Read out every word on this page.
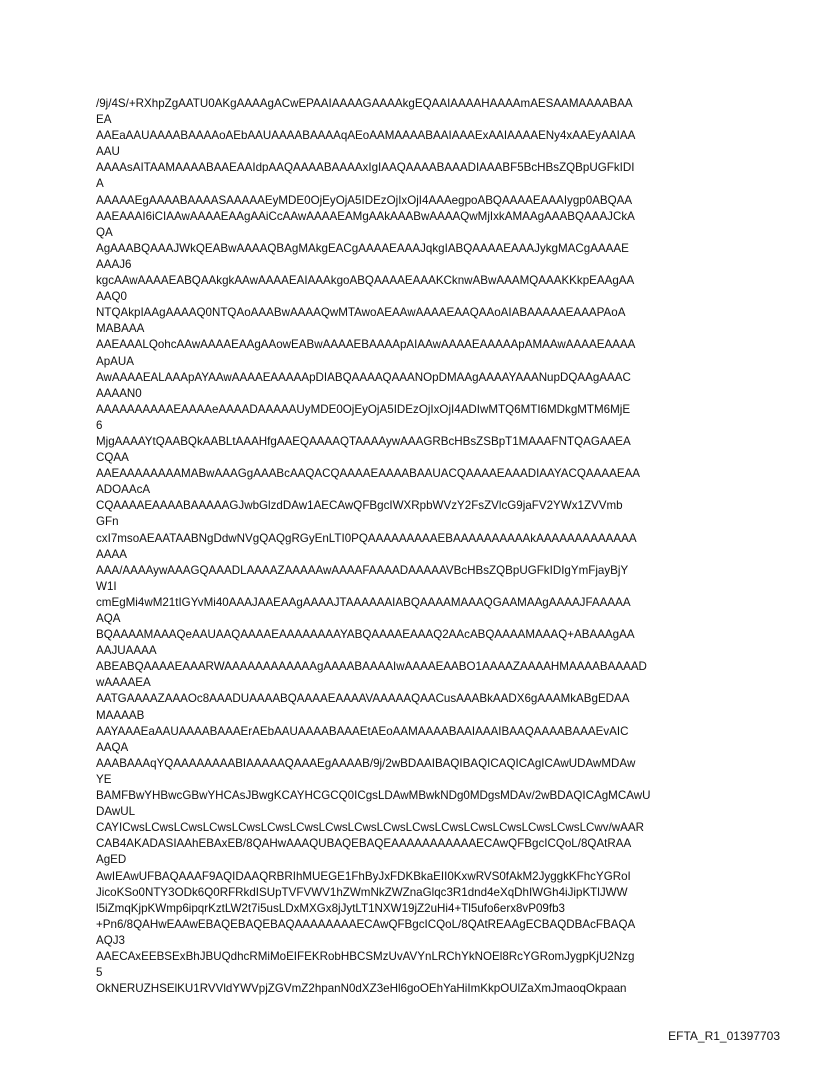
/9j/4S/+RXhpZgAATU0AKgAAAAgACwEPAAIAAAAGAAAAkgEQAAIAAAAHAAAAmAESAAMAAAABAA
EA
AAEaAAUAAAABAAAAoAEbAAUAAAABAAAAqAEoAAMAAAABAAIAAAExAAIAAAAENy4xAAEyAAIAA
AAU
AAAAsAITAAMAAAABAAEAAIdpAAQAAAABAAAAxIgIAAQAAAABAAADIAAABF5BcHBsZQBpUGFkIDI
A
AAAAAEgAAAABAAAASAAAAAEyMDE0OjEyOjA5IDEzOjIxOjI4AAAegpoABQAAAAEAAAIygp0ABQAA
AAEAAAI6iCIAAwAAAAEAAgAAiCcAAwAAAAEAMgAAkAAABwAAAAQwMjIxkAMAAgAAABQAAAJCkA
QA
AgAAABQAAAJWkQEABwAAAAQBAgMAkgEACgAAAAEAAAJqkgIABQAAAAEAAAJykgMACgAAAAE
AAAJ6
kgcAAwAAAAEABQAAkgkAAwAAAAEAIAAAkgoABQAAAAEAAAKCknwABwAAAMQAAAKKkpEAAgAA
AAQ0
NTQAkpIAAgAAAAQ0NTQAoAAABwAAAAQwMTAwoAEAAwAAAAEAAQAAoAIABAAAAAEAAAPAoA
MABAAA
AAEAAALQohcAAwAAAAEAAgAAowEABwAAAAEBAAAApAIAAwAAAAEAAAAApAMAAwAAAAEAAAA
ApAUA
AwAAAAEALAAApAYAAwAAAAEAAAAApDIABQAAAAQAAANOpDMAAgAAAAYAAANupDQAAgAAAC
AAAAN0
AAAAAAAAAAEAAAAeAAAADAAAAAUyMDE0OjEyOjA5IDEzOjIxOjI4ADIwMTQ6MTI6MDkgMTM6MjE
6
MjgAAAAYtQAABQkAABLtAAAHfgAAEQAAAAQTAAAAywAAAGRBcHBsZSBpT1MAAAFNTQAGAAEA
CQAA
AAEAAAAAAAAMABwAAAGgAAABcAAQACQAAAAEAAAABAAUACQAAAAEAAADIAAYACQAAAAEAA
ADOAAcA
CQAAAAEAAAABAAAAAGJwbGlzdDAw1AECAwQFBgcIWXRpbWVzY2FsZVlcG9jaFV2YWx1ZVVmb
GFn
cxI7msoAEAATAABNgDdwNVgQAQgRGyEnLTI0PQAAAAAAAAAEBAAAAAAAAAAkAAAAAAAAAAAAA
AAAA
AAA/AAAAywAAAGQAAADLAAAAZAAAAAwAAAAFAAAADAAAAAVBcHBsZQBpUGFkIDIgYmFjayBjY
W1I
cmEgMi4wM21tIGYvMi40AAAJAAEAAgAAAAJTAAAAAAIABQAAAAMAAAQGAAMAAgAAAAJFAAAAA
AQA
BQAAAAMAAAQeAAUAAQAAAAEAAAAAAAAYABQAAAAEAAAQ2AAcABQAAAAMAAAQ+ABAAAgAA
AAJUAAAA
ABEABQAAAAEAAARWAAAAAAAAAAAAgAAAABAAAAIwAAAAEAABO1AAAAZAAAAHMAAAABAAAAD
wAAAAEA
AATGAAAAZAAAOc8AAADUAAAABQAAAAEAAAAVAAAAAQAACusAAABkAADX6gAAAMkABgEDAA
MAAAAB
AAYAAAEaAAUAAAABAAAErAEbAAUAAAABAAAEtAEoAAMAAAABAAIAAAIBAAQAAAABAAAEvAIC
AAQA
AAABAAAqYQAAAAAAAABIAAAAAQAAAEgAAAAB/9j/2wBDAAIBAQIBAQICAQICAgICAwUDAwMDAw
YE
BAMFBwYHBwcGBwYHCAsJBwgKCAYHCGCQ0ICgsLDAwMBwkNDg0MDgsMDAv/2wBDAQICAgMCAwU
DAwUL
CAYICwsLCwsLCwsLCwsLCwsLCwsLCwsLCwsLCwsLCwsLCwsLCwsLCwsLCwsLCwsLCwsLCwv/wAAR
CAB4AKADASIAAhEBAxEB/8QAHwAAAQUBAQEBAQEAAAAAAAAAAAECAwQFBgcICQoL/8QAtRAA
AgED
AwIEAwUFBAQAAAF9AQIDAAQRBRIhMUEGE1FhByJxFDKBkaEII0KxwRVS0fAkM2JyggkKFhcYGRoI
JicoKSo0NTY3ODk6Q0RFRkdISUpTVFVWV1hZWmNkZWZnaGlqc3R1dnd4eXqDhIWGh4iJipKTlJWW
l5iZmqKjpKWmp6ipqrKztLW2t7i5usLDxMXGx8jJytLT1NXW19jZ2uHi4+Tl5ufo6erx8vP09fb3
+Pn6/8QAHwEAAwEBAQEBAQEBAQAAAAAAAAECAwQFBgcICQoL/8QAtREAAgECBAQDBAcFBAQA
AQJ3
AAECAxEEBSExBhJBUQdhcRMiMoEIFEKRobHBCSMzUvAVYnLRChYkNOEl8RcYGRomJygpKjU2Nzg
5
OkNERUZHSElKU1RVVldYWVpjZGVmZ2hpanN0dXZ3eHl6goOEhYaHiImKkpOUlZaXmJmaoqOkpaan
EFTA_R1_01397703
